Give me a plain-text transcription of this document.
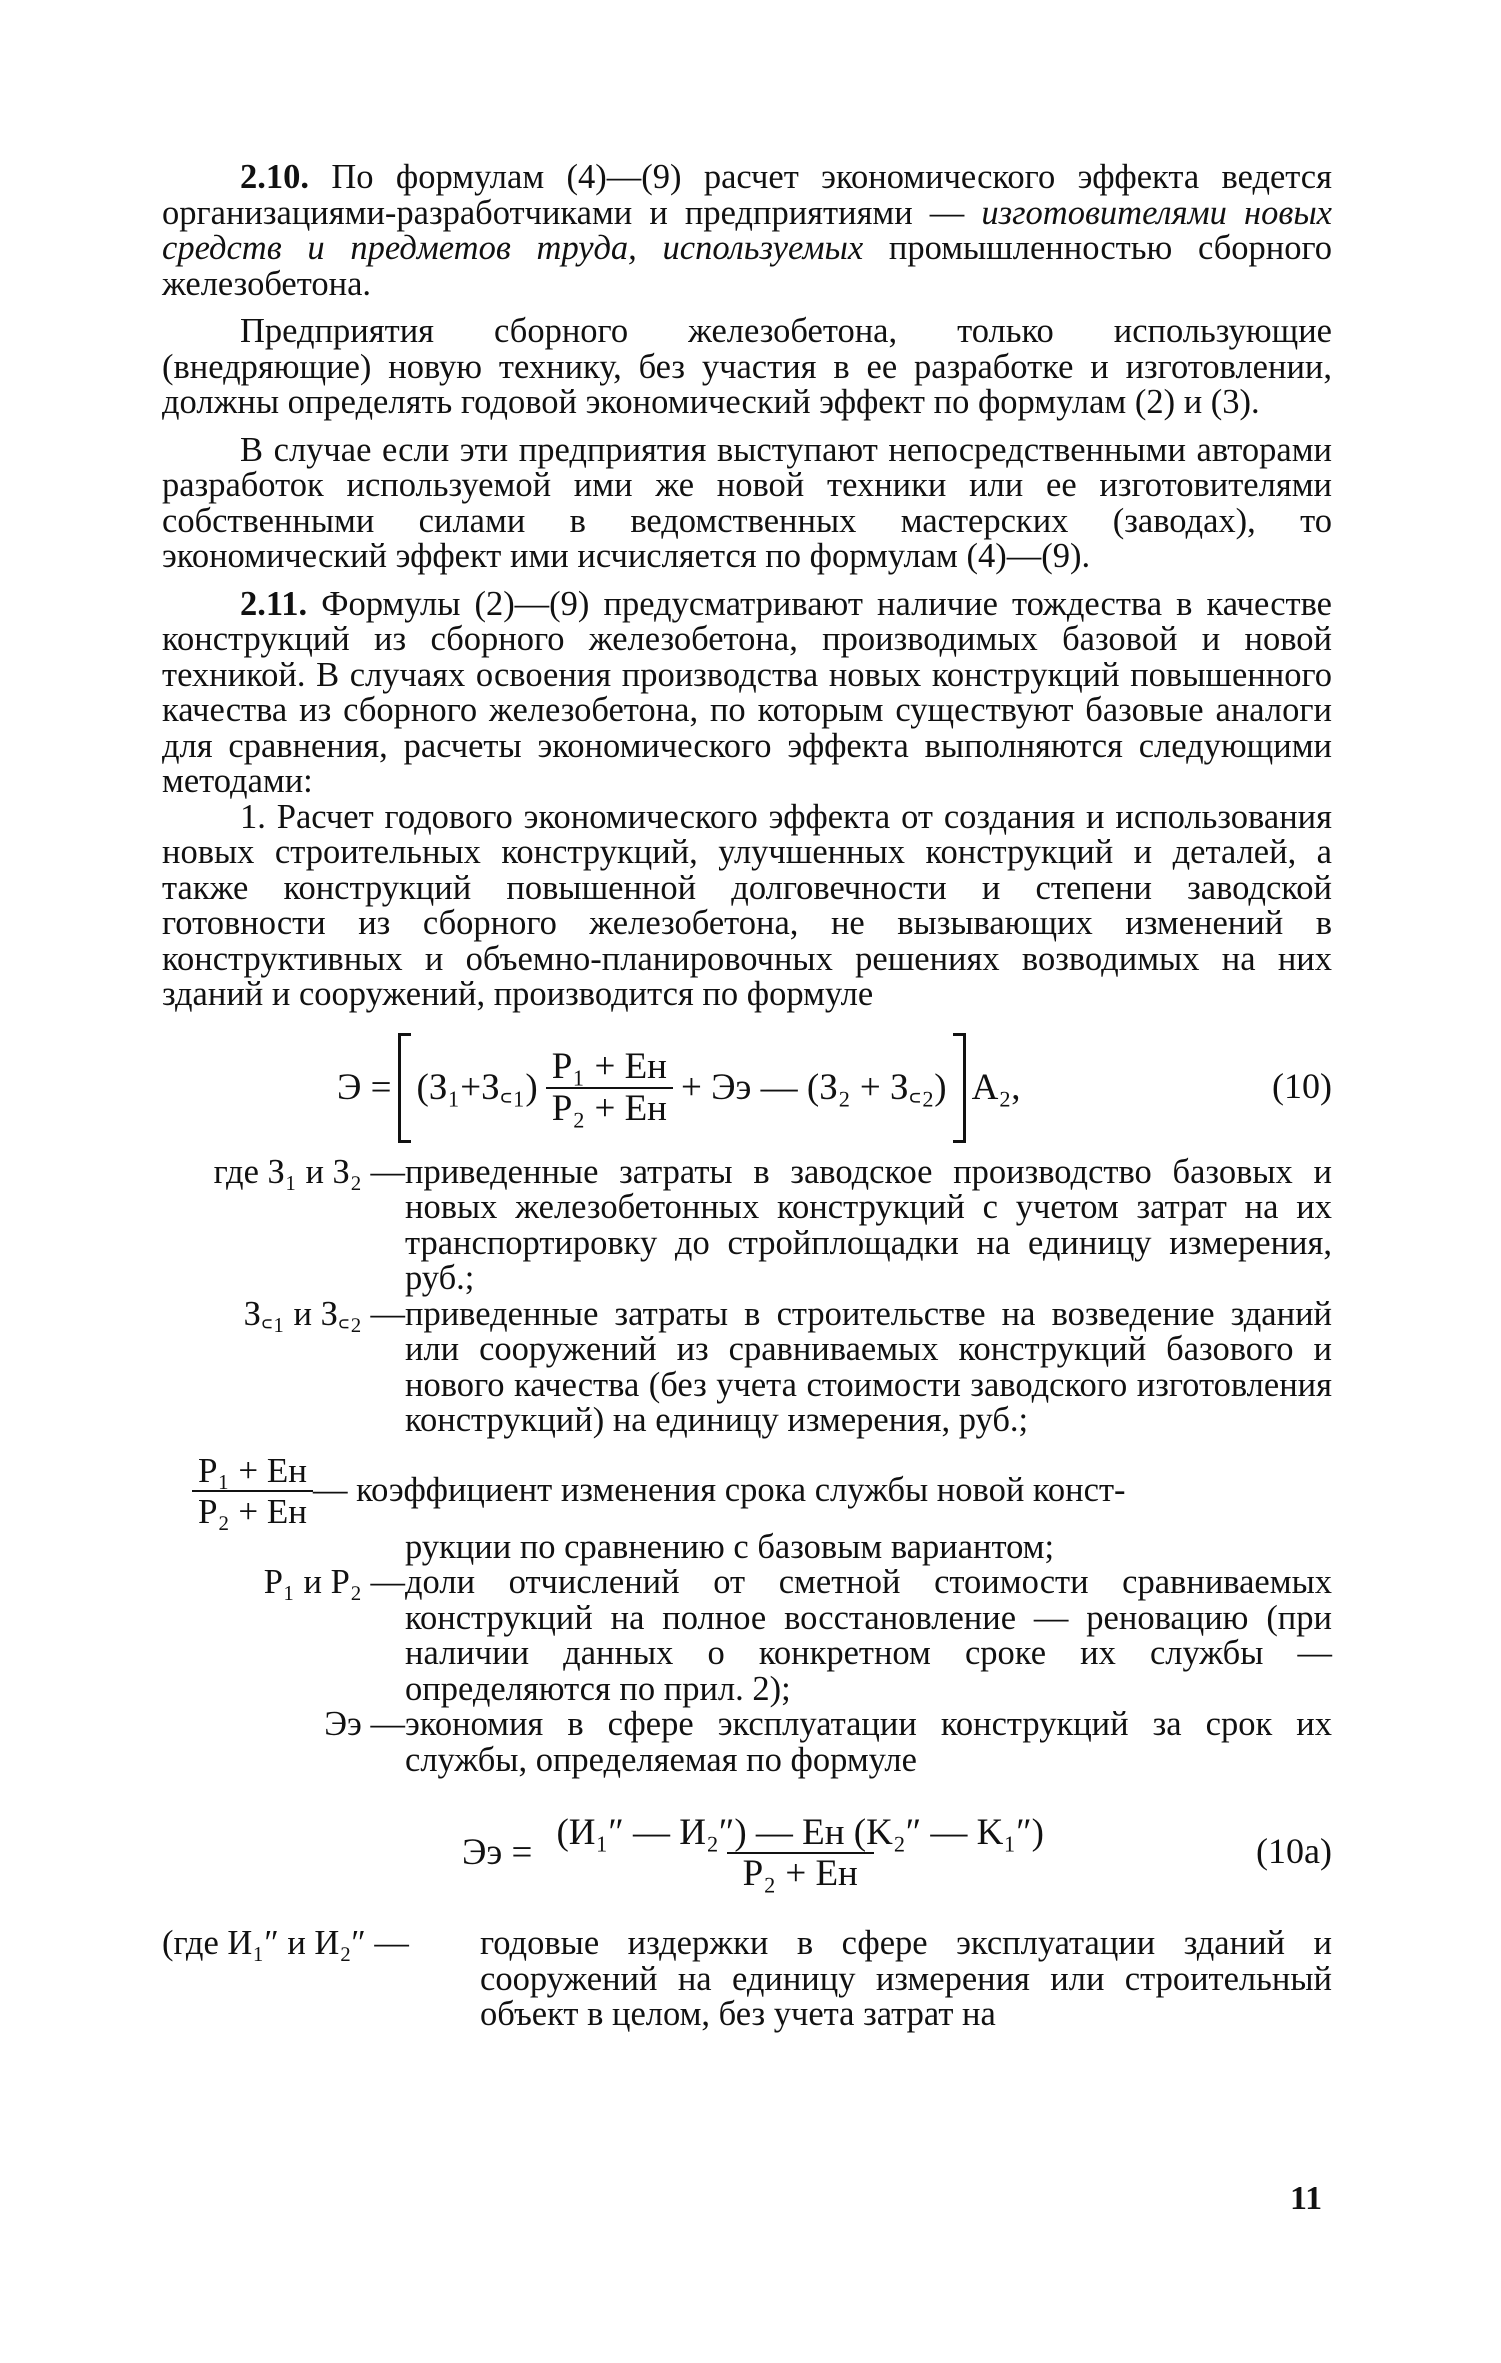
2.10. По формулам (4)—(9) расчет экономического эффекта ведется организациями-разработчиками и предприятиями — изготовителями новых средств и предметов труда, используемых промышленностью сборного железобетона.

Предприятия сборного железобетона, только использующие (внедряющие) новую технику, без участия в ее разработке и изготовлении, должны определять годовой экономический эффект по формулам (2) и (3).

В случае если эти предприятия выступают непосредственными авторами разработок используемой ими же новой техники или ее изготовителями собственными силами в ведомственных мастерских (заводах), то экономический эффект ими исчисляется по формулам (4)—(9).

2.11. Формулы (2)—(9) предусматривают наличие тождества в качестве конструкций из сборного железобетона, производимых базовой и новой техникой. В случаях освоения производства новых конструкций повышенного качества из сборного железобетона, по которым существуют базовые аналоги для сравнения, расчеты экономического эффекта выполняются следующими методами:

1. Расчет годового экономического эффекта от создания и использования новых строительных конструкций, улучшенных конструкций и деталей, а также конструкций повышенной долговечности и степени заводской готовности из сборного железобетона, не вызывающих изменений в конструктивных и объемно-планировочных решениях возводимых на них зданий и сооружений, производится по формуле

Э = (З₁+З꜀₁) $\frac{\text{P₁ + Eн}}{\text{P₂ + Eн}}$ + Ээ — (З₂ + З꜀₂) A₂,	(10)
где З₁ и З₂ — приведенные затраты в заводское производство базовых и новых железобетонных конструкций с учетом затрат на их транспортировку до стройплощадки на единицу измерения, руб.;
З꜀₁ и З꜀₂ — приведенные затраты в строительстве на возведение зданий или сооружений из сравниваемых конструкций базового и нового качества (без учета стоимости заводского изготовления конструкций) на единицу измерения, руб.;
$\frac{\text{P₁ + Eн}}{\text{P₂ + Eн}}$ — коэффициент изменения срока службы новой конст-

рукции по сравнению с базовым вариантом;

P₁ и P₂ — доли отчислений от сметной стоимости сравниваемых конструкций на полное восстановление — реновацию (при наличии данных о конкретном сроке их службы — определяются по прил. 2);
Ээ — экономия в сфере эксплуатации конструкций за срок их службы, определяемая по формуле
Ээ = $\frac{\text{(И₁″ — И₂″) — Eн (K₂″ — K₁″)}}{\text{P₂ + Eн}}$	(10а)
(где И₁″ и И₂″ —	годовые издержки в сфере эксплуатации зданий и сооружений на единицу измерения или строительный объект в целом, без учета затрат на
11
